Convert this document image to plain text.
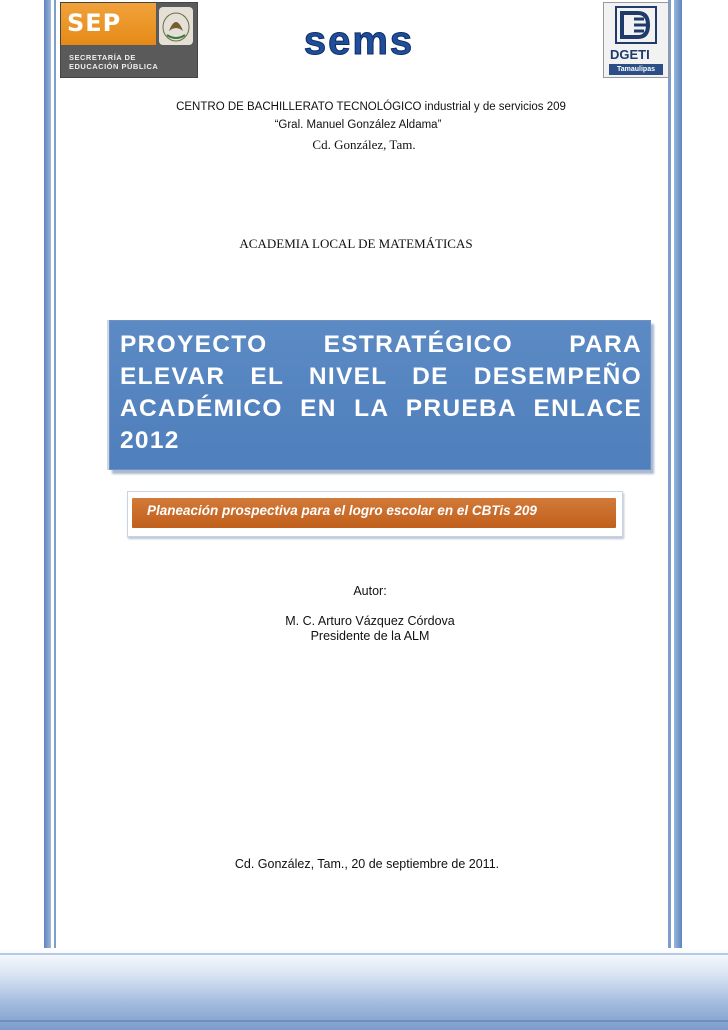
SEP
SECRETARÍA DE
EDUCACIÓN PÚBLICA
sems	DGETI
Tamaulipas
CENTRO DE BACHILLERATO TECNOLÓGICO industrial y de servicios 209
“Gral. Manuel González Aldama”
Cd. González, Tam.
ACADEMIA LOCAL DE MATEMÁTICAS
PROYECTO ESTRATÉGICO PARA ELEVAR EL NIVEL DE DESEMPEÑO ACADÉMICO EN LA PRUEBA ENLACE 2012
Planeación prospectiva para el logro escolar en el CBTis 209
Autor:
M. C. Arturo Vázquez Córdova
Presidente de la ALM
Cd. González, Tam., 20 de septiembre de 2011.
